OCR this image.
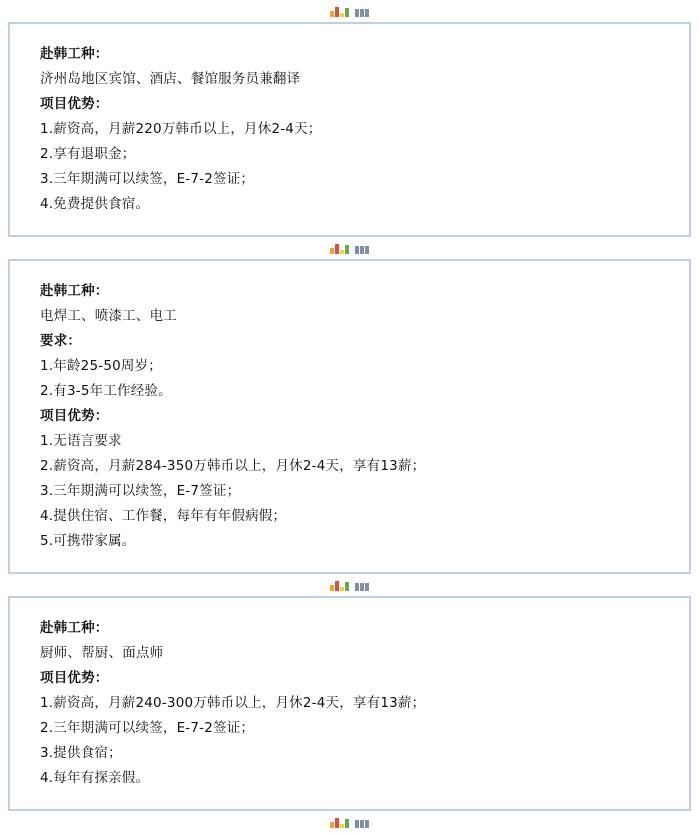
赴韩工种：
济州岛地区宾馆、酒店、餐馆服务员兼翻译
项目优势：
1.薪资高，月薪220万韩币以上，月休2-4天；
2.享有退职金；
3.三年期满可以续签，E-7-2签证；
4.免费提供食宿。
赴韩工种：
电焊工、喷漆工、电工
要求：
1.年龄25-50周岁；
2.有3-5年工作经验。
项目优势：
1.无语言要求
2.薪资高，月薪284-350万韩币以上，月休2-4天，享有13薪；
3.三年期满可以续签，E-7签证；
4.提供住宿、工作餐，每年有年假病假；
5.可携带家属。
赴韩工种：
厨师、帮厨、面点师
项目优势：
1.薪资高，月薪240-300万韩币以上，月休2-4天，享有13薪；
2.三年期满可以续签，E-7-2签证；
3.提供食宿；
4.每年有探亲假。
